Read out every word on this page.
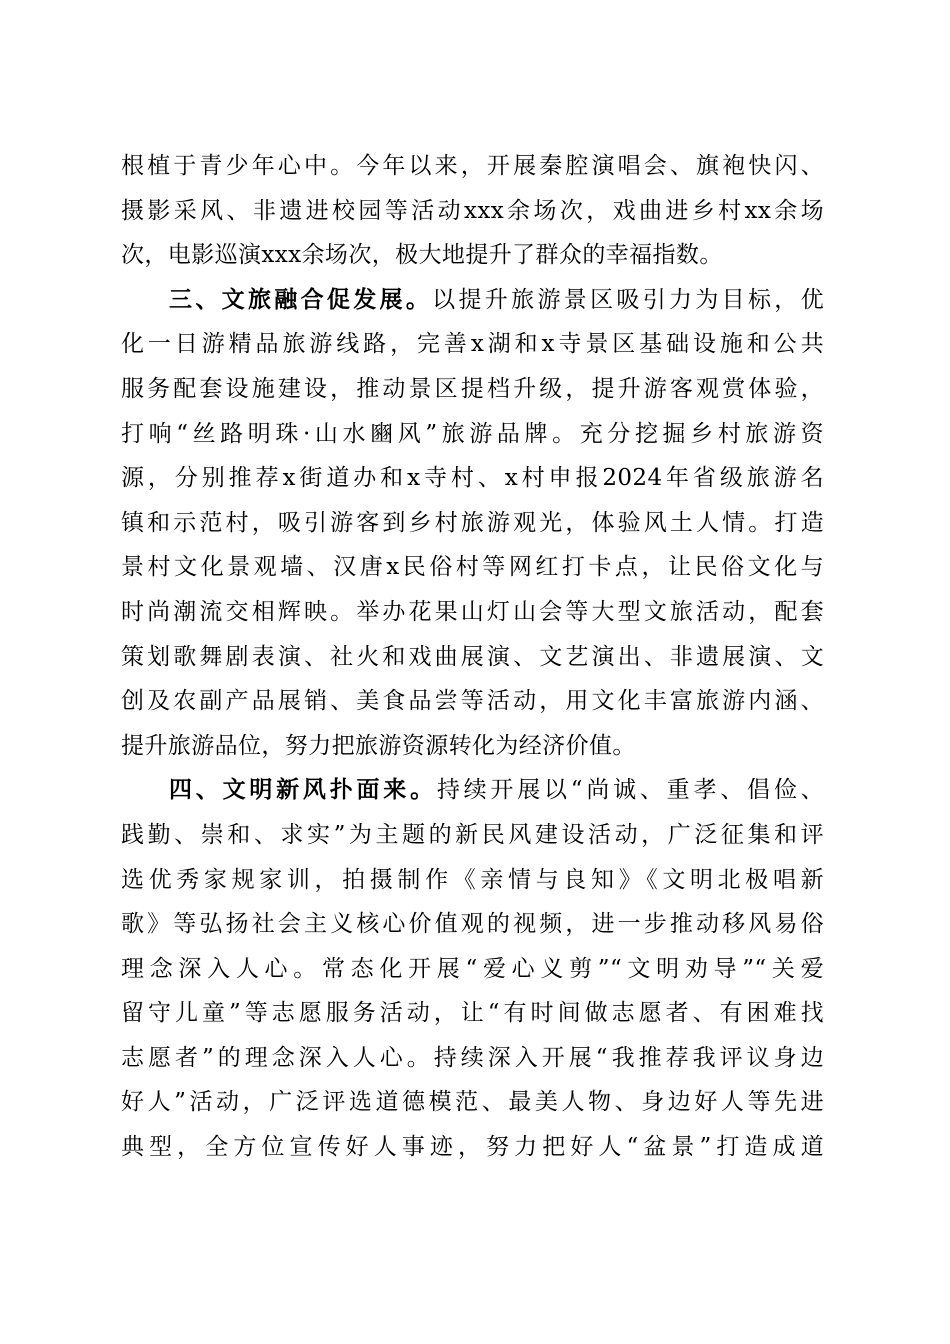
根植于青少年心中。今年以来，开展秦腔演唱会、旗袍快闪、
摄影采风、非遗进校园等活动xxx余场次，戏曲进乡村xx余场
次，电影巡演xxx余场次，极大地提升了群众的幸福指数。
三、文旅融合促发展。以提升旅游景区吸引力为目标，优
化一日游精品旅游线路，完善x湖和x寺景区基础设施和公共
服务配套设施建设，推动景区提档升级，提升游客观赏体验，
打响“丝路明珠·山水豳风”旅游品牌。充分挖掘乡村旅游资
源，分别推荐x街道办和x寺村、x村申报2024年省级旅游名
镇和示范村，吸引游客到乡村旅游观光，体验风土人情。打造
景村文化景观墙、汉唐x民俗村等网红打卡点，让民俗文化与
时尚潮流交相辉映。举办花果山灯山会等大型文旅活动，配套
策划歌舞剧表演、社火和戏曲展演、文艺演出、非遗展演、文
创及农副产品展销、美食品尝等活动，用文化丰富旅游内涵、
提升旅游品位，努力把旅游资源转化为经济价值。
四、文明新风扑面来。持续开展以“尚诚、重孝、倡俭、
践勤、崇和、求实”为主题的新民风建设活动，广泛征集和评
选优秀家规家训，拍摄制作《亲情与良知》《文明北极唱新
歌》等弘扬社会主义核心价值观的视频，进一步推动移风易俗
理念深入人心。常态化开展“爱心义剪”“文明劝导”“关爱
留守儿童”等志愿服务活动，让“有时间做志愿者、有困难找
志愿者”的理念深入人心。持续深入开展“我推荐我评议身边
好人”活动，广泛评选道德模范、最美人物、身边好人等先进
典型，全方位宣传好人事迹，努力把好人“盆景”打造成道
